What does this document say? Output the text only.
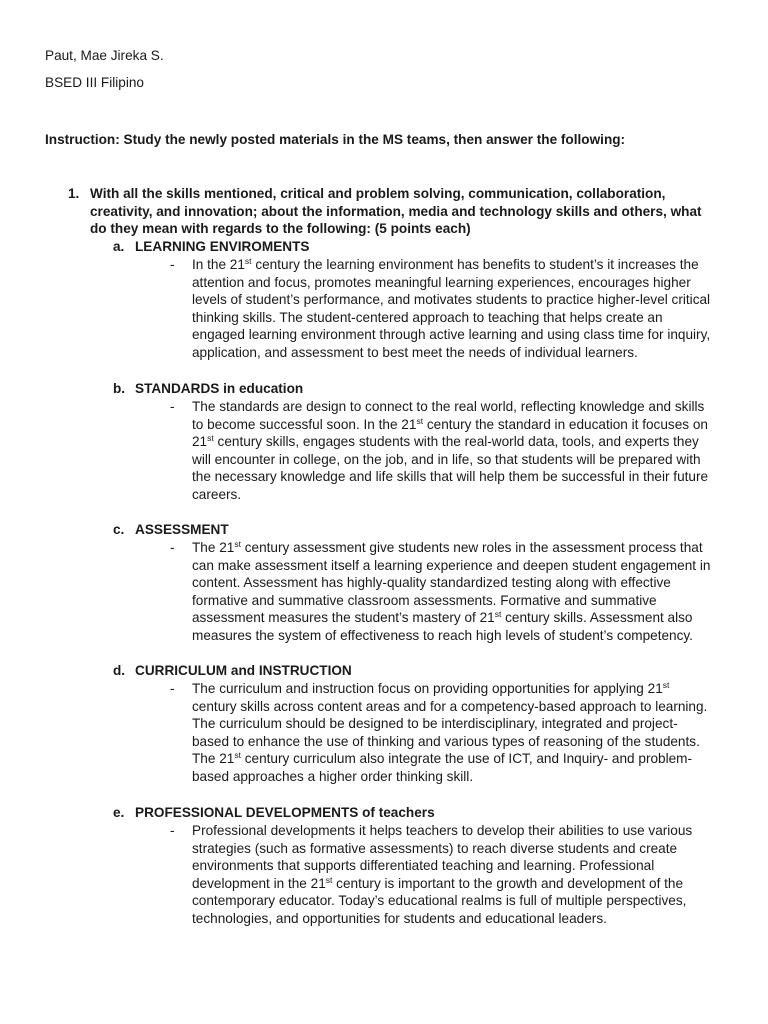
Paut, Mae Jireka S.
BSED III Filipino
Instruction: Study the newly posted materials in the MS teams, then answer the following:
1. With all the skills mentioned, critical and problem solving, communication, collaboration,
creativity, and innovation; about the information, media and technology skills and others, what
do they mean with regards to the following: (5 points each)
a. LEARNING ENVIROMENTS
- In the 21st century the learning environment has benefits to student’s it increases the
attention and focus, promotes meaningful learning experiences, encourages higher
levels of student’s performance, and motivates students to practice higher-level critical
thinking skills. The student-centered approach to teaching that helps create an
engaged learning environment through active learning and using class time for inquiry,
application, and assessment to best meet the needs of individual learners.
b. STANDARDS in education
- The standards are design to connect to the real world, reflecting knowledge and skills
to become successful soon. In the 21st century the standard in education it focuses on
21st century skills, engages students with the real-world data, tools, and experts they
will encounter in college, on the job, and in life, so that students will be prepared with
the necessary knowledge and life skills that will help them be successful in their future
careers.
c. ASSESSMENT
- The 21st century assessment give students new roles in the assessment process that
can make assessment itself a learning experience and deepen student engagement in
content. Assessment has highly-quality standardized testing along with effective
formative and summative classroom assessments. Formative and summative
assessment measures the student’s mastery of 21st century skills. Assessment also
measures the system of effectiveness to reach high levels of student’s competency.
d. CURRICULUM and INSTRUCTION
- The curriculum and instruction focus on providing opportunities for applying 21st
century skills across content areas and for a competency-based approach to learning.
The curriculum should be designed to be interdisciplinary, integrated and project-
based to enhance the use of thinking and various types of reasoning of the students.
The 21st century curriculum also integrate the use of ICT, and Inquiry- and problem-
based approaches a higher order thinking skill.
e. PROFESSIONAL DEVELOPMENTS of teachers
- Professional developments it helps teachers to develop their abilities to use various
strategies (such as formative assessments) to reach diverse students and create
environments that supports differentiated teaching and learning. Professional
development in the 21st century is important to the growth and development of the
contemporary educator. Today’s educational realms is full of multiple perspectives,
technologies, and opportunities for students and educational leaders.
